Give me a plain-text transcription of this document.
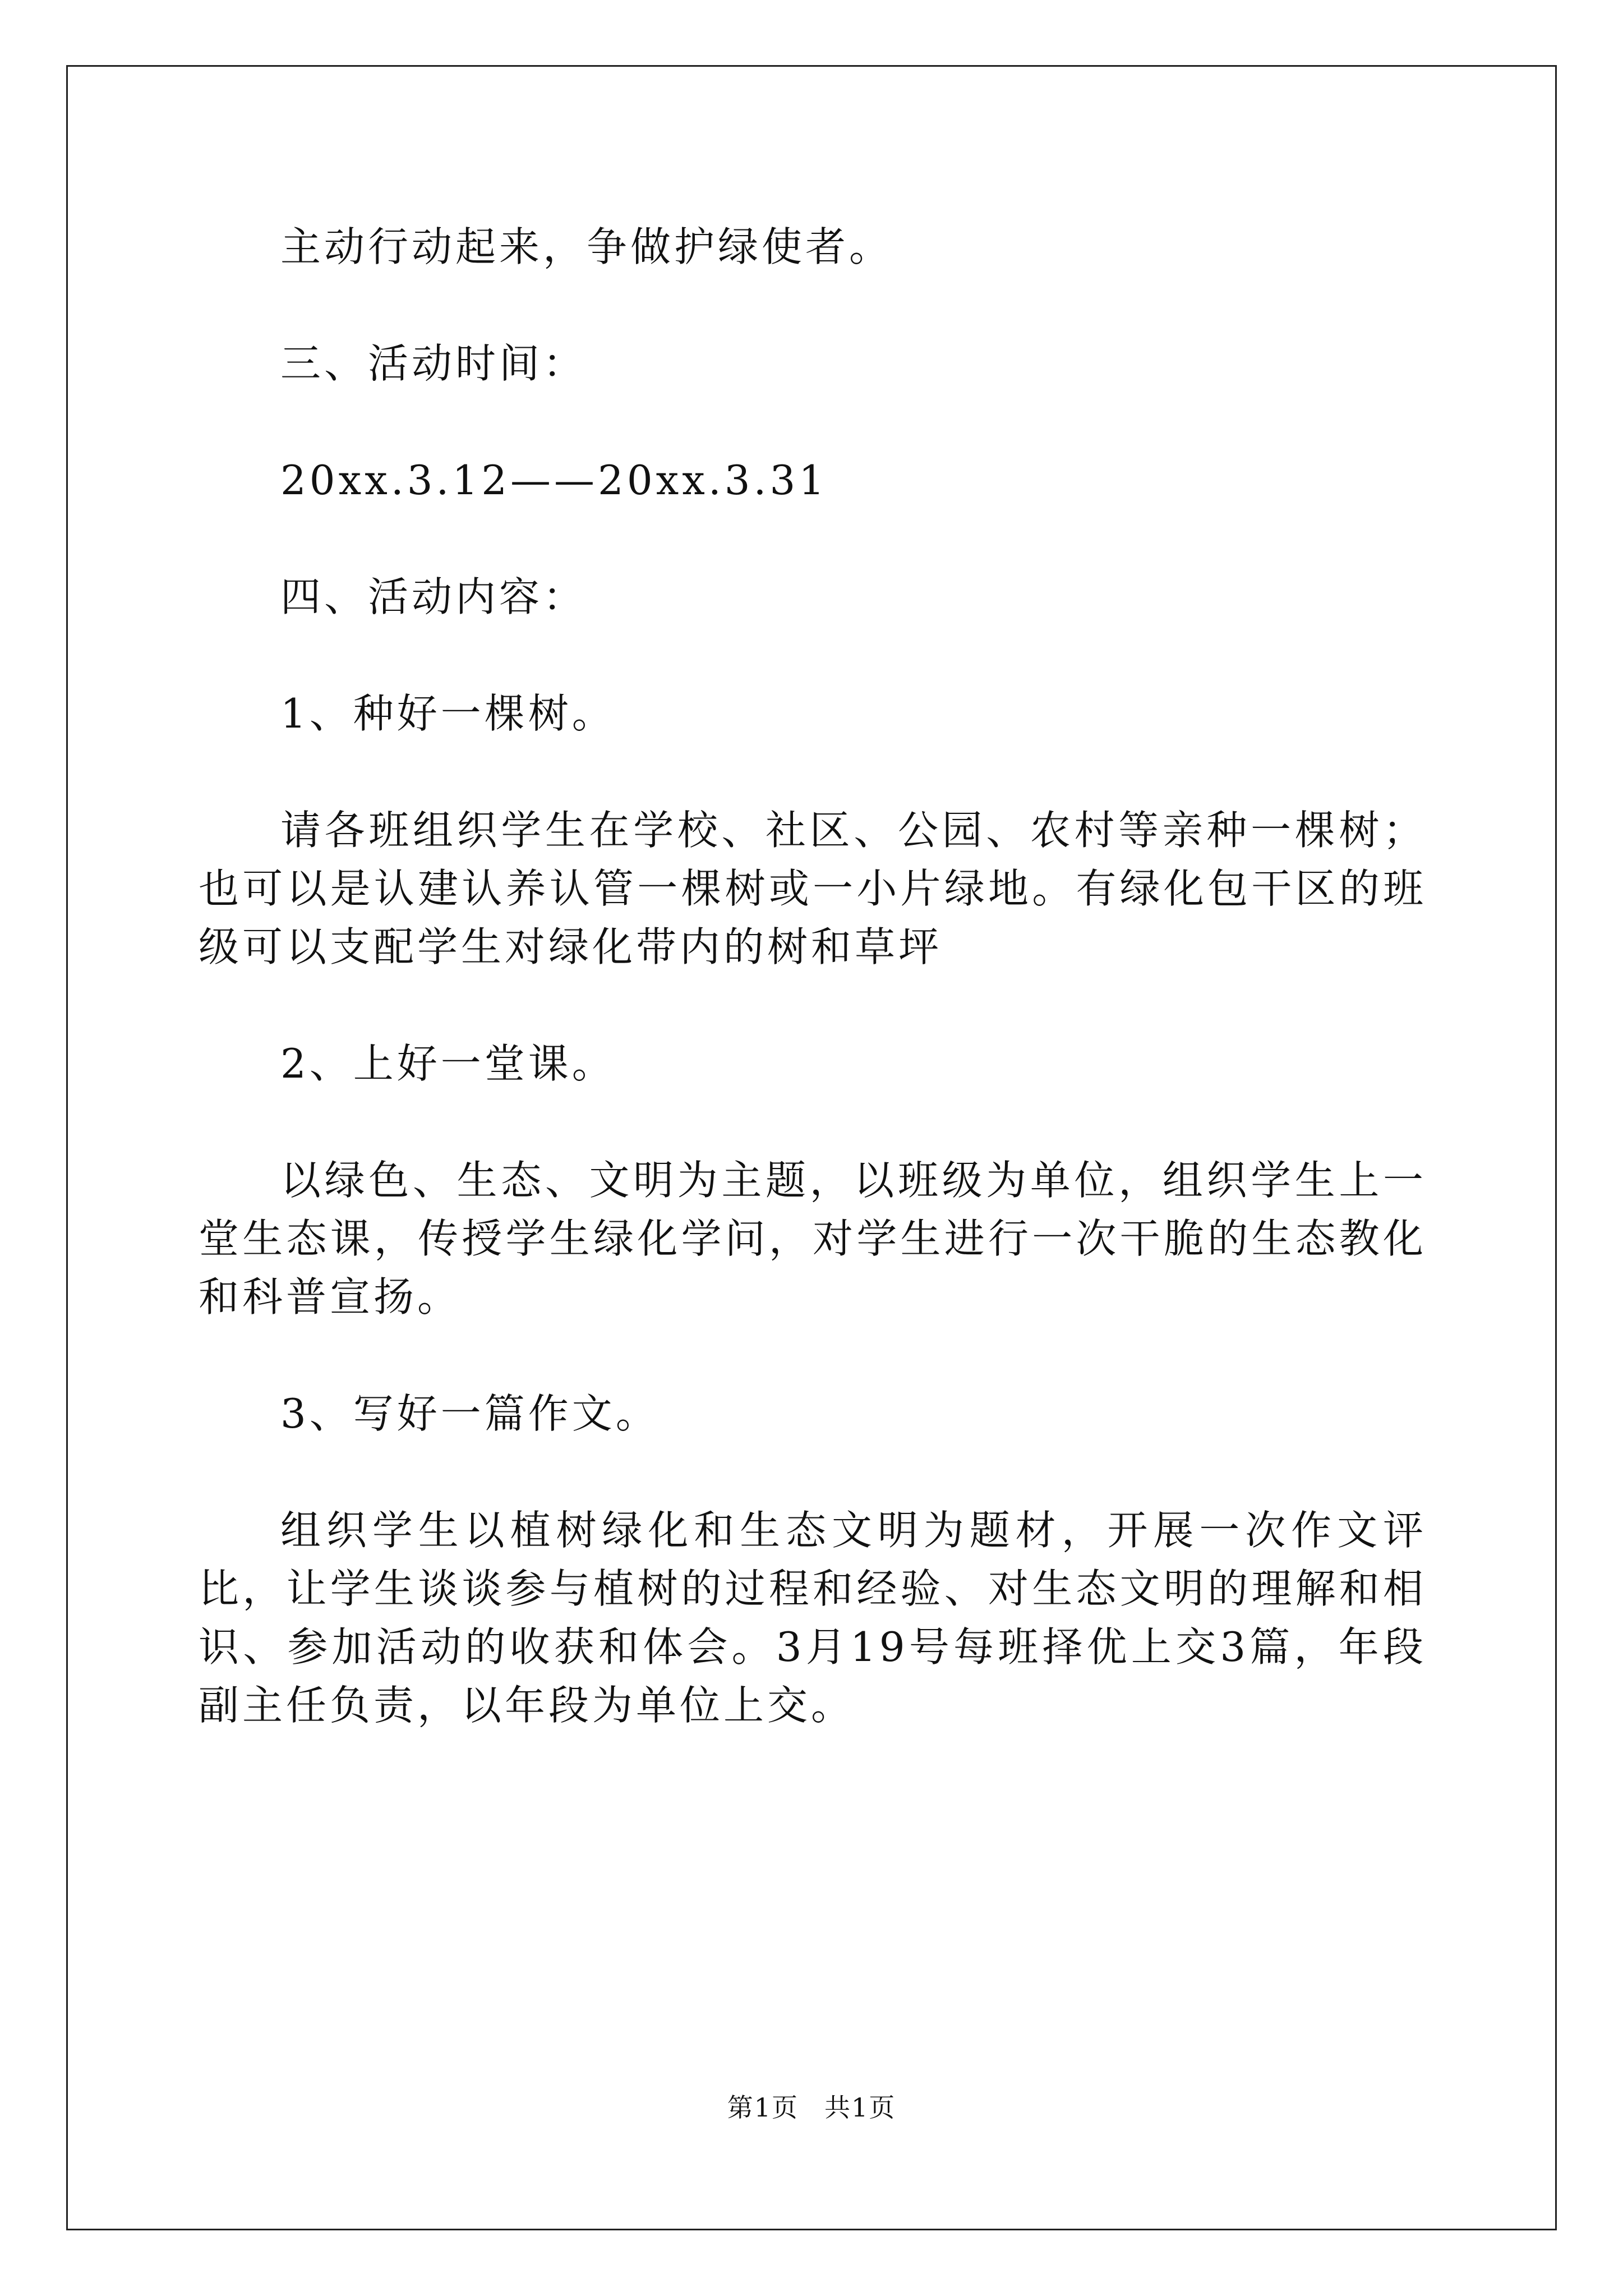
主动行动起来，争做护绿使者。

三、活动时间：

20xx.3.12——20xx.3.31

四、活动内容：

1、种好一棵树。

请各班组织学生在学校、社区、公园、农村等亲种一棵树；也可以是认建认养认管一棵树或一小片绿地。有绿化包干区的班级可以支配学生对绿化带内的树和草坪

2、上好一堂课。

以绿色、生态、文明为主题，以班级为单位，组织学生上一堂生态课，传授学生绿化学问，对学生进行一次干脆的生态教化和科普宣扬。

3、写好一篇作文。

组织学生以植树绿化和生态文明为题材，开展一次作文评比，让学生谈谈参与植树的过程和经验、对生态文明的理解和相识、参加活动的收获和体会。3月19号每班择优上交3篇，年段副主任负责，以年段为单位上交。

第1页 共1页
